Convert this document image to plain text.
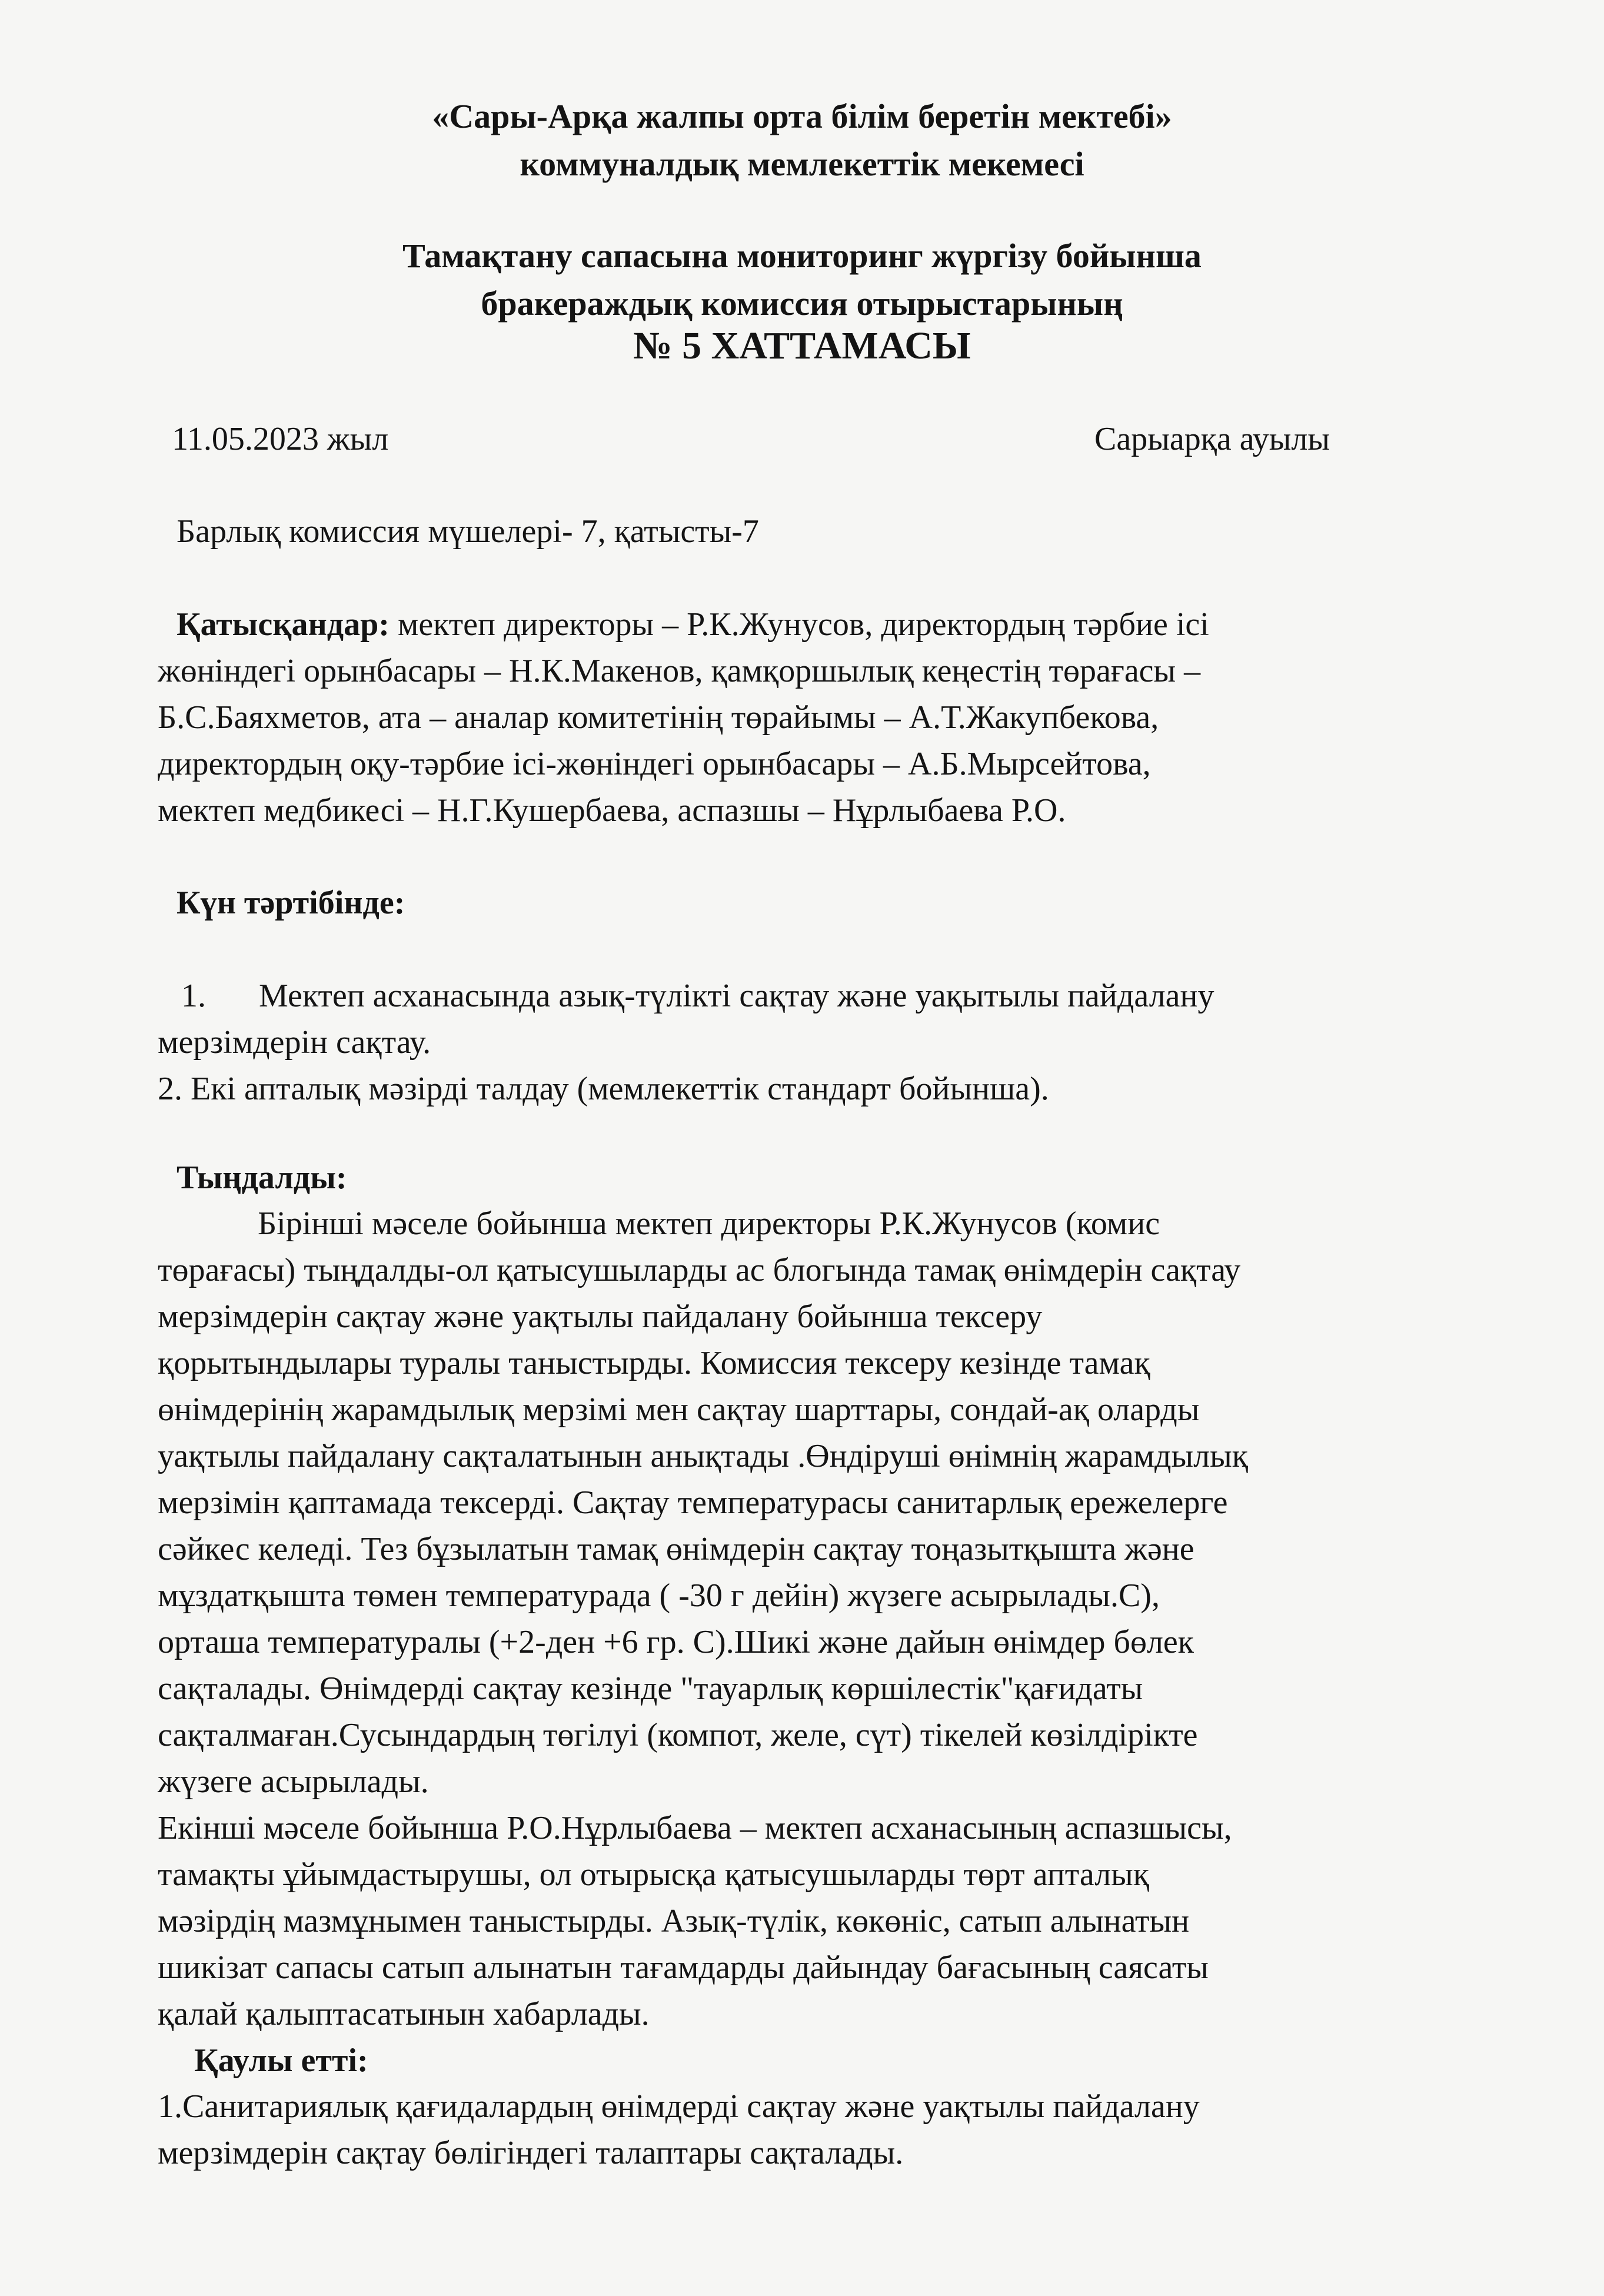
«Сары-Арқа жалпы орта білім беретін мектебі»

коммуналдық мемлекеттік мекемесі

Тамақтану сапасына мониторинг жүргізу бойынша

бракераждық комиссия отырыстарының

№ 5 ХАТТАМАСЫ

11.05.2023 жыл	Сарыарқа ауылы

Барлық комиссия мүшелері- 7, қатысты-7

Қатысқандар: мектеп директоры – Р.К.Жунусов, директордың тәрбие ісі
жөніндегі орынбасары – Н.К.Макенов, қамқоршылық кеңестің төрағасы –
Б.С.Баяхметов, ата – аналар комитетінің төрайымы – А.Т.Жакупбекова,
директордың оқу-тәрбие ісі-жөніндегі орынбасары – А.Б.Мырсейтова,
мектеп медбикесі – Н.Г.Кушербаева, аспазшы – Нұрлыбаева Р.О.

Күн тәртібінде:

1. Мектеп асханасында азық-түлікті сақтау және уақытылы пайдалану
мерзімдерін сақтау.
2. Екі апталық мәзірді талдау (мемлекеттік стандарт бойынша).

Тыңдалды:

Бірінші мәселе бойынша мектеп директоры Р.К.Жунусов (комис
төрағасы) тыңдалды-ол қатысушыларды ас блогында тамақ өнімдерін сақтау
мерзімдерін сақтау және уақтылы пайдалану бойынша тексеру
қорытындылары туралы таныстырды. Комиссия тексеру кезінде тамақ
өнімдерінің жарамдылық мерзімі мен сақтау шарттары, сондай-ақ оларды
уақтылы пайдалану сақталатынын анықтады .Өндіруші өнімнің жарамдылық
мерзімін қаптамада тексерді. Сақтау температурасы санитарлық ережелерге
сәйкес келеді. Тез бұзылатын тамақ өнімдерін сақтау тоңазытқышта және
мұздатқышта төмен температурада ( -30 г дейін) жүзеге асырылады.С),
орташа температуралы (+2-ден +6 гр. С).Шикі және дайын өнімдер бөлек
сақталады. Өнімдерді сақтау кезінде "тауарлық көршілестік"қағидаты
сақталмаған.Сусындардың төгілуі (компот, желе, сүт) тікелей көзілдірікте
жүзеге асырылады.
Екінші мәселе бойынша Р.О.Нұрлыбаева – мектеп асханасының аспазшысы,
тамақты ұйымдастырушы, ол отырысқа қатысушыларды төрт апталық
мәзірдің мазмұнымен таныстырды. Азық-түлік, көкөніс, сатып алынатын
шикізат сапасы сатып алынатын тағамдарды дайындау бағасының саясаты
қалай қалыптасатынын хабарлады.

Қаулы етті:

1.Санитариялық қағидалардың өнімдерді сақтау және уақтылы пайдалану
мерзімдерін сақтау бөлігіндегі талаптары сақталады.
